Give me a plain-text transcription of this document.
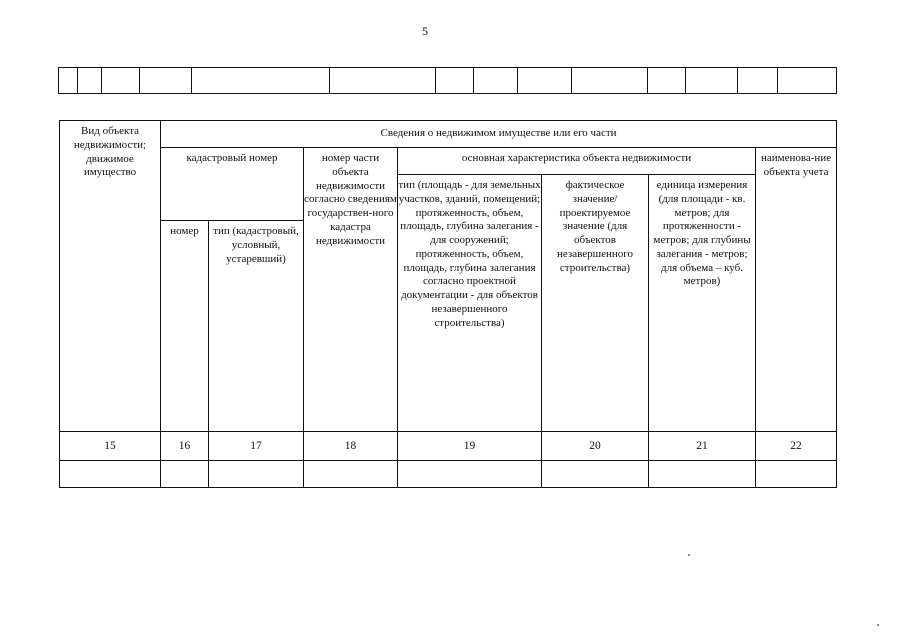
5

Вид объекта недвижимости; движимое имущество	Сведения о недвижимом имуществе или его части						
	кадастровый номер		номер части объекта недвижимости согласно сведениям государствен-ного кадастра недвижимости	основная характеристика объекта недвижимости			наименова-ние объекта учета
				тип (площадь - для земельных участков, зданий, помещений; протяженность, объем, площадь, глубина залегания - для сооружений; протяженность, объем, площадь, глубина залегания согласно проектной документации - для объектов незавершенного строительства)	фактическое значение/ проектируемое значение (для объектов незавершенного строительства)	единица измерения (для площади - кв. метров; для протяженности - метров; для глубины залегания - метров; для объема – куб. метров)	
	номер	тип (кадастровый, условный, устаревший)					
15	16	17	18	19	20	21	22
